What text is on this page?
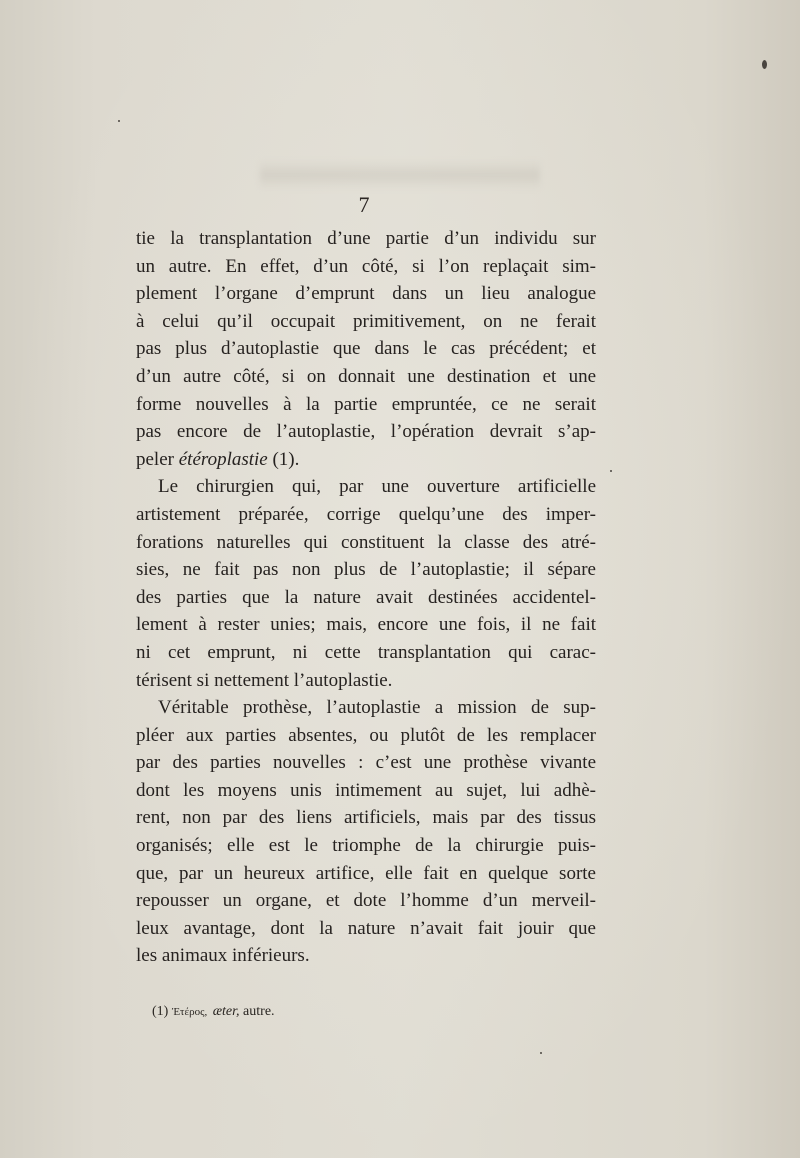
7
tie la transplantation d’une partie d’un individu sur
un autre. En effet, d’un côté, si l’on replaçait sim-
plement l’organe d’emprunt dans un lieu analogue
à celui qu’il occupait primitivement, on ne ferait
pas plus d’autoplastie que dans le cas précédent; et
d’un autre côté, si on donnait une destination et une
forme nouvelles à la partie empruntée, ce ne serait
pas encore de l’autoplastie, l’opération devrait s’ap-
peler étéroplastie (1).
Le chirurgien qui, par une ouverture artificielle
artistement préparée, corrige quelqu’une des imper-
forations naturelles qui constituent la classe des atré-
sies, ne fait pas non plus de l’autoplastie; il sépare
des parties que la nature avait destinées accidentel-
lement à rester unies; mais, encore une fois, il ne fait
ni cet emprunt, ni cette transplantation qui carac-
térisent si nettement l’autoplastie.
Véritable prothèse, l’autoplastie a mission de sup-
pléer aux parties absentes, ou plutôt de les remplacer
par des parties nouvelles : c’est une prothèse vivante
dont les moyens unis intimement au sujet, lui adhè-
rent, non par des liens artificiels, mais par des tissus
organisés; elle est le triomphe de la chirurgie puis-
que, par un heureux artifice, elle fait en quelque sorte
repousser un organe, et dote l’homme d’un merveil-
leux avantage, dont la nature n’avait fait jouir que
les animaux inférieurs.
(1) Ἐτέρος, æter, autre.
